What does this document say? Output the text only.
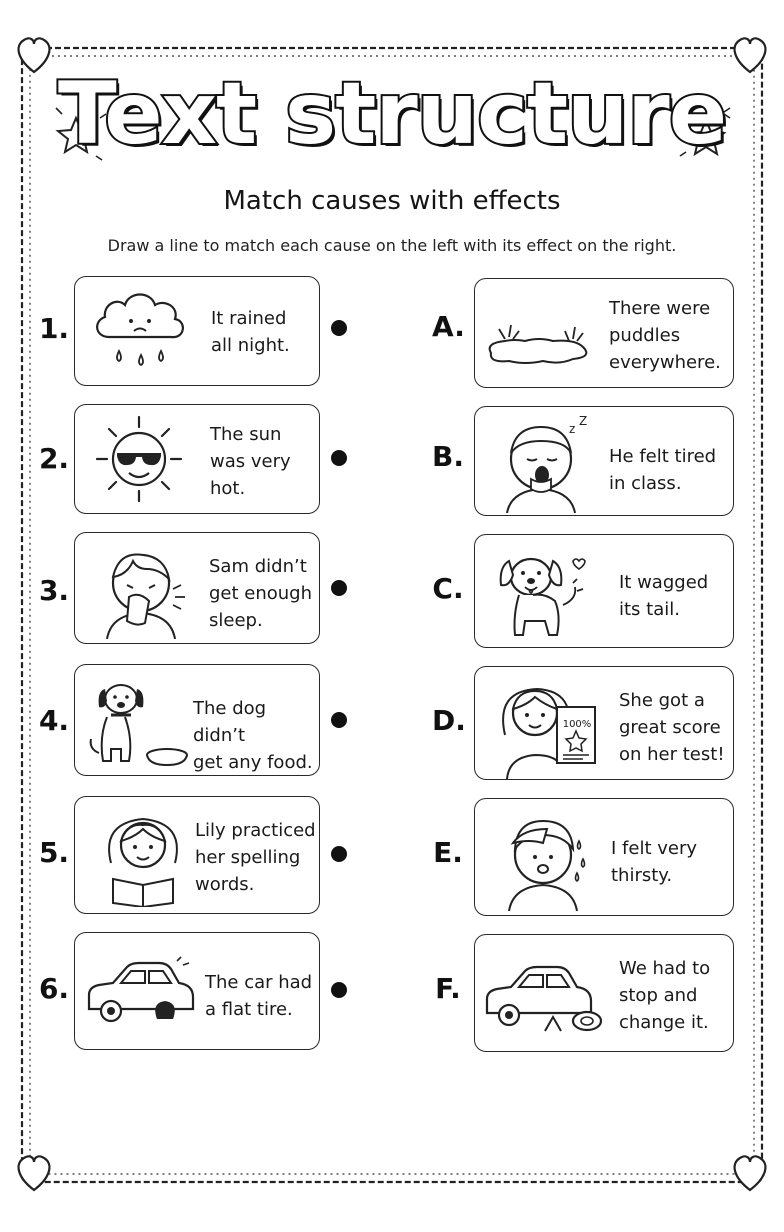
Text structure
Match causes with effects
Draw a line to match each cause on the left with its effect on the right.
1.	It rained
all night.
2.
The sun
was very
hot.
3.
Sam didn’t
get enough
sleep.
4.	The dog didn’t
get any food.
5.
Lily practiced
her spelling
words.
6.	The car had
a flat tire.
A.
There were
puddles
everywhere.
B.
z
Z
He felt tired
in class.
C.	It wagged
its tail.
D.	100%
She got a
great score
on her test!
E.	I felt very
thirsty.
F.
We had to
stop and
change it.
